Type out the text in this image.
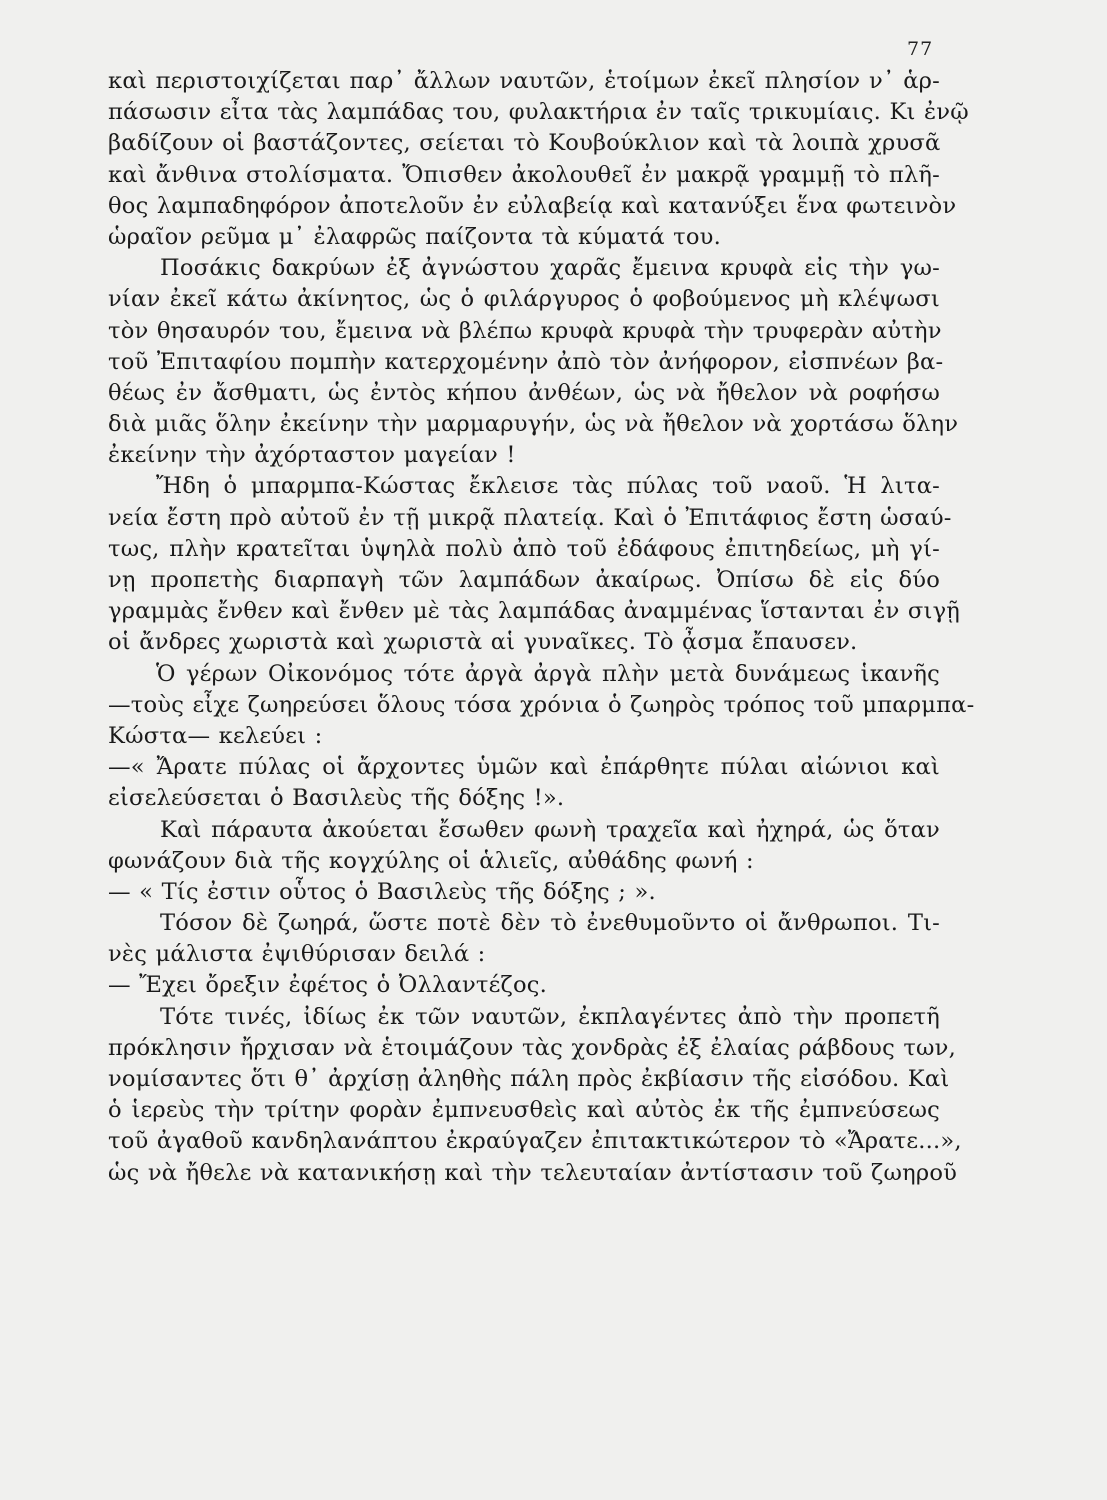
77
καὶ περιστοιχίζεται παρ᾽ ἄλλων ναυτῶν, ἑτοίμων ἐκεῖ πλησίον ν᾽ ἁρ-
πάσωσιν εἶτα τὰς λαμπάδας του, φυλακτήρια ἐν ταῖς τρικυμίαις. Κι ἐνῷ
βαδίζουν οἱ βαστάζοντες, σείεται τὸ Κουβούκλιον καὶ τὰ λοιπὰ χρυσᾶ
καὶ ἄνθινα στολίσματα. Ὄπισθεν ἀκολουθεῖ ἐν μακρᾷ γραμμῇ τὸ πλῆ-
θος λαμπαδηφόρον ἀποτελοῦν ἐν εὐλαβείᾳ καὶ κατανύξει ἕνα φωτεινὸν
ὡραῖον ρεῦμα μ᾽ ἐλαφρῶς παίζοντα τὰ κύματά του.
Ποσάκις δακρύων ἐξ ἀγνώστου χαρᾶς ἔμεινα κρυφὰ εἰς τὴν γω-
νίαν ἐκεῖ κάτω ἀκίνητος, ὡς ὁ φιλάργυρος ὁ φοβούμενος μὴ κλέψωσι
τὸν θησαυρόν του, ἔμεινα νὰ βλέπω κρυφὰ κρυφὰ τὴν τρυφερὰν αὐτὴν
τοῦ Ἐπιταφίου πομπὴν κατερχομένην ἀπὸ τὸν ἀνήφορον, εἰσπνέων βα-
θέως ἐν ἄσθματι, ὡς ἐντὸς κήπου ἀνθέων, ὡς νὰ ἤθελον νὰ ροφήσω
διὰ μιᾶς ὅλην ἐκείνην τὴν μαρμαρυγήν, ὡς νὰ ἤθελον νὰ χορτάσω ὅλην
ἐκείνην τὴν ἀχόρταστον μαγείαν !
Ἤδη ὁ μπαρμπα-Κώστας ἔκλεισε τὰς πύλας τοῦ ναοῦ. Ἡ λιτα-
νεία ἔστη πρὸ αὐτοῦ ἐν τῇ μικρᾷ πλατείᾳ. Καὶ ὁ Ἐπιτάφιος ἔστη ὡσαύ-
τως, πλὴν κρατεῖται ὑψηλὰ πολὺ ἀπὸ τοῦ ἐδάφους ἐπιτηδείως, μὴ γί-
νῃ προπετὴς διαρπαγὴ τῶν λαμπάδων ἀκαίρως. Ὀπίσω δὲ εἰς δύο
γραμμὰς ἔνθεν καὶ ἔνθεν μὲ τὰς λαμπάδας ἀναμμένας ἵστανται ἐν σιγῇ
οἱ ἄνδρες χωριστὰ καὶ χωριστὰ αἱ γυναῖκες. Τὸ ᾆσμα ἔπαυσεν.
Ὁ γέρων Οἰκονόμος τότε ἀργὰ ἀργὰ πλὴν μετὰ δυνάμεως ἱκανῆς
—τοὺς εἶχε ζωηρεύσει ὅλους τόσα χρόνια ὁ ζωηρὸς τρόπος τοῦ μπαρμπα-
Κώστα— κελεύει :
—« Ἄρατε πύλας οἱ ἄρχοντες ὑμῶν καὶ ἐπάρθητε πύλαι αἰώνιοι καὶ
εἰσελεύσεται ὁ Βασιλεὺς τῆς δόξης !».
Καὶ πάραυτα ἀκούεται ἔσωθεν φωνὴ τραχεῖα καὶ ἠχηρά, ὡς ὅταν
φωνάζουν διὰ τῆς κογχύλης οἱ ἁλιεῖς, αὐθάδης φωνή :
— « Τίς ἐστιν οὗτος ὁ Βασιλεὺς τῆς δόξης ; ».
Τόσον δὲ ζωηρά, ὥστε ποτὲ δὲν τὸ ἐνεθυμοῦντο οἱ ἄνθρωποι. Τι-
νὲς μάλιστα ἐψιθύρισαν δειλά :
— Ἔχει ὄρεξιν ἐφέτος ὁ Ὀλλαντέζος.
Τότε τινές, ἰδίως ἐκ τῶν ναυτῶν, ἐκπλαγέντες ἀπὸ τὴν προπετῆ
πρόκλησιν ἤρχισαν νὰ ἑτοιμάζουν τὰς χονδρὰς ἐξ ἐλαίας ράβδους των,
νομίσαντες ὅτι θ᾽ ἀρχίσῃ ἀληθὴς πάλη πρὸς ἐκβίασιν τῆς εἰσόδου. Καὶ
ὁ ἱερεὺς τὴν τρίτην φορὰν ἐμπνευσθεὶς καὶ αὐτὸς ἐκ τῆς ἐμπνεύσεως
τοῦ ἀγαθοῦ κανδηλανάπτου ἐκραύγαζεν ἐπιτακτικώτερον τὸ «Ἄρατε...»,
ὡς νὰ ἤθελε νὰ κατανικήσῃ καὶ τὴν τελευταίαν ἀντίστασιν τοῦ ζωηροῦ
